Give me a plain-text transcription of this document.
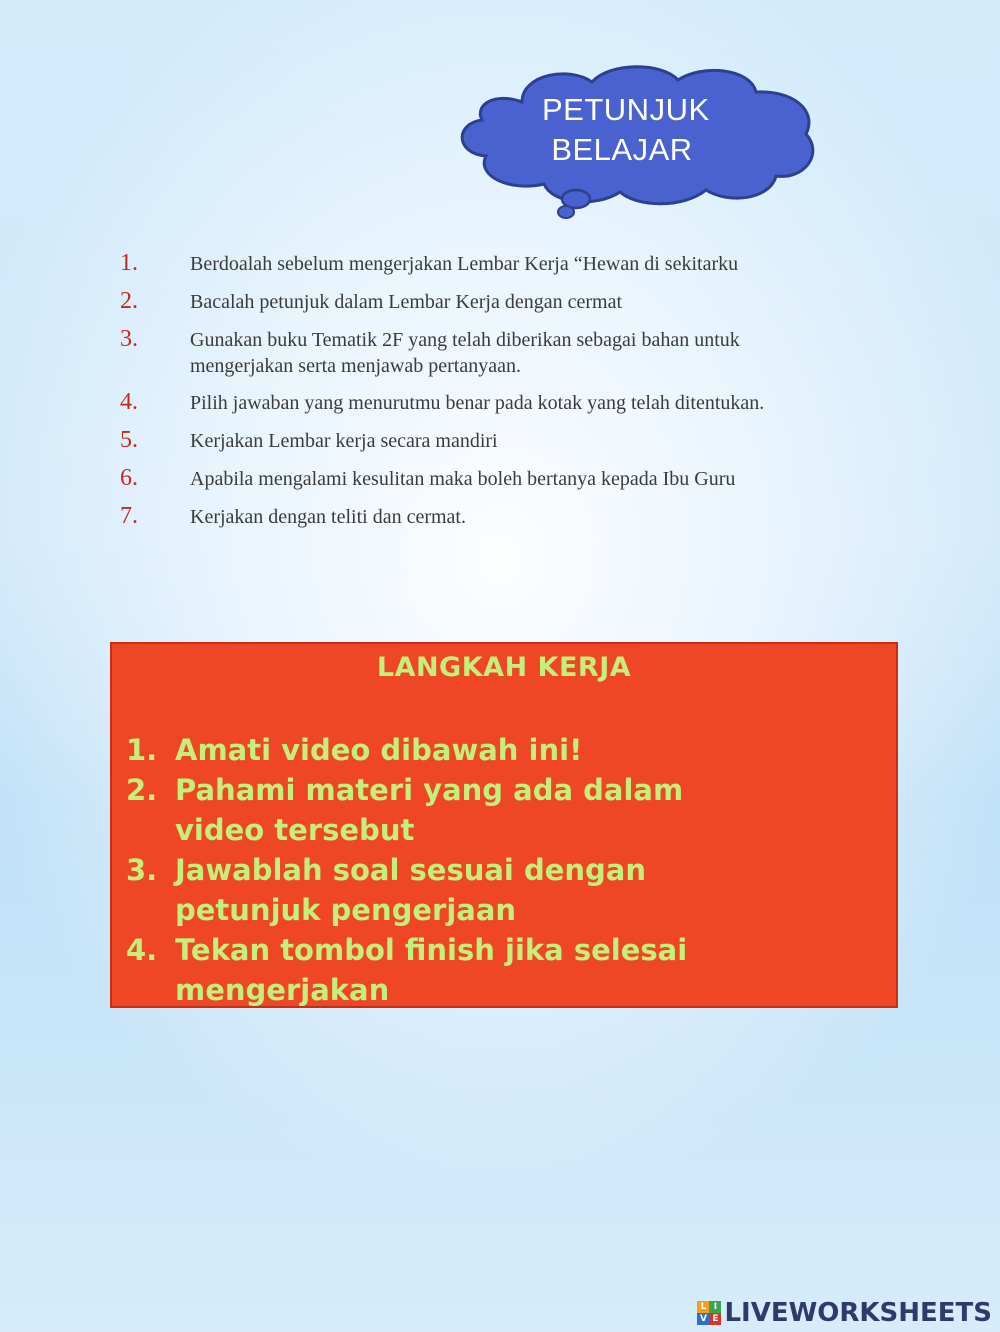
PETUNJUK BELAJAR
1.	Berdoalah sebelum mengerjakan Lembar Kerja “Hewan di sekitarku
2.	Bacalah petunjuk dalam Lembar Kerja dengan cermat
3.	Gunakan buku Tematik 2F yang telah diberikan sebagai bahan untuk mengerjakan serta menjawab pertanyaan.
4.	Pilih jawaban yang menurutmu benar pada kotak yang telah ditentukan.
5.	Kerjakan Lembar kerja secara mandiri
6.	Apabila mengalami kesulitan maka boleh bertanya kepada Ibu Guru
7.	Kerjakan dengan teliti dan cermat.
LANGKAH KERJA
1. Amati video dibawah ini!
2. Pahami materi yang ada dalam video tersebut
3. Jawablah soal sesuai dengan petunjuk pengerjaan
4. Tekan tombol finish jika selesai mengerjakan
L I
V E LIVEWORKSHEETS
